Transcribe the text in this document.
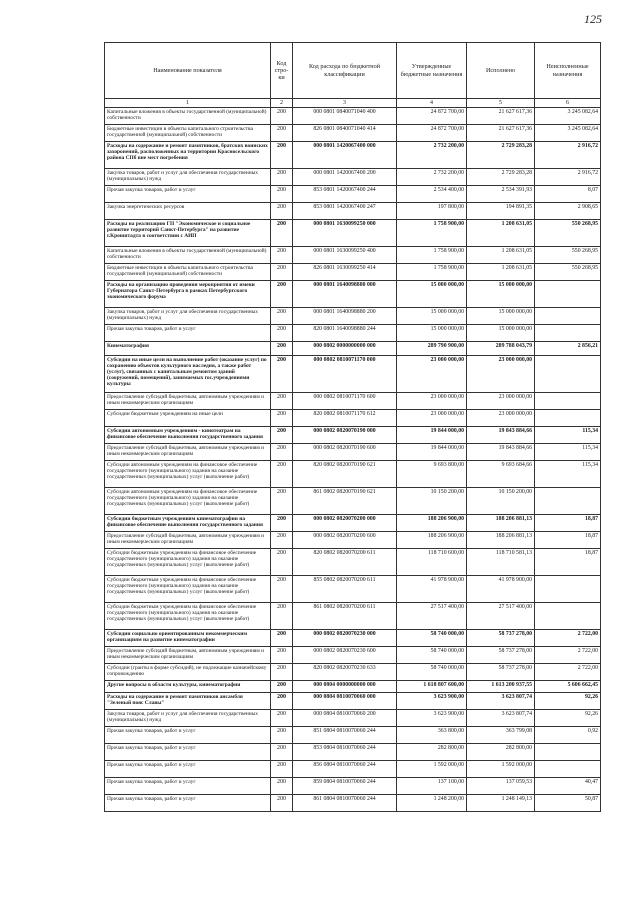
125
Наименование показателя	Код стро-ки	Код расхода по бюджетной классификации	Утвержденные бюджетные назначения	Исполнено	Неисполненные назначения
1	2	3	4	5	6
Капитальные вложения в объекты государственной (муниципальной) собственности	200	000 0801 0840071040 400	24 872 700,00	21 627 617,36	3 245 082,64
Бюджетные инвестиции в объекты капитального строительства государственной (муниципальной) собственности	200	826 0801 0840071040 414	24 872 700,00	21 627 617,36	3 245 082,64
Расходы на содержание и ремонт памятников, братских воинских захоронений, расположенных на территории Красносельского района СПб вне мест погребения	200	000 0801 1420067400 000	2 732 200,00	2 729 283,28	2 916,72
Закупка товаров, работ и услуг для обеспечения государственных (муниципальных) нужд	200	000 0801 1420067400 200	2 732 200,00	2 729 283,28	2 916,72
Прочая закупка товаров, работ и услуг	200	853 0801 1420067400 244	2 534 400,00	2 534 391,93	8,07
Закупка энергетических ресурсов	200	853 0801 1420067400 247	197 800,00	194 891,35	2 908,65
Расходы на реализацию ГП "Экономическое и социальное развитие территорий Санкт-Петербурга" на развитие г.Кронштадта в соответствии с АИП	200	000 0801 1630099250 000	1 758 900,00	1 208 631,05	550 268,95
Капитальные вложения в объекты государственной (муниципальной) собственности	200	000 0801 1630099250 400	1 758 900,00	1 208 631,05	550 268,95
Бюджетные инвестиции в объекты капитального строительства государственной (муниципальной) собственности	200	826 0801 1630099250 414	1 758 900,00	1 208 631,05	550 268,95
Расходы на организацию проведения мероприятия от имени Губернатора Санкт-Петербурга в рамках Петербургского экономического форума	200	000 0801 1640098880 000	15 000 000,00	15 000 000,00	
Закупка товаров, работ и услуг для обеспечения государственных (муниципальных) нужд	200	000 0801 1640098880 200	15 000 000,00	15 000 000,00	
Прочая закупка товаров, работ и услуг	200	820 0801 1640098880 244	15 000 000,00	15 000 000,00	
Кинематография	200	000 0802 0000000000 000	289 790 900,00	289 788 043,79	2 856,21
Субсидии на иные цели на выполнение работ (оказание услуг) по сохранению объектов культурного наследия, а также работ (услуг), связанных с капитальным ремонтом зданий (сооружений, помещений), занимаемых гос.учреждениями культуры	200	000 0802 0810071170 000	23 000 000,00	23 000 000,00	
Предоставление субсидий бюджетным, автономным учреждениям и иным некоммерческим организациям	200	000 0802 0810071170 600	23 000 000,00	23 000 000,00	
Субсидии бюджетным учреждениям на иные цели	200	820 0802 0810071170 612	23 000 000,00	23 000 000,00	
Субсидии автономным учреждениям - кинотеатрам на финансовое обеспечение выполнения государственного задания	200	000 0802 0820070190 000	19 844 000,00	19 843 884,66	115,34
Предоставление субсидий бюджетным, автономным учреждениям и иным некоммерческим организациям	200	000 0802 0820070190 600	19 844 000,00	19 843 884,66	115,34
Субсидии автономным учреждениям на финансовое обеспечение государственного (муниципального) задания на оказание государственных (муниципальных) услуг (выполнение работ)	200	820 0802 0820070190 621	9 693 800,00	9 693 684,66	115,34
Субсидии автономным учреждениям на финансовое обеспечение государственного (муниципального) задания на оказание государственных (муниципальных) услуг (выполнение работ)	200	861 0802 0820070190 621	10 150 200,00	10 150 200,00	
Субсидии бюджетным учреждениям кинематографии на финансовое обеспечение выполнения государственного задания	200	000 0802 0820070200 000	188 206 900,00	188 206 881,13	18,87
Предоставление субсидий бюджетным, автономным учреждениям и иным некоммерческим организациям	200	000 0802 0820070200 600	188 206 900,00	188 206 881,13	18,87
Субсидии бюджетным учреждениям на финансовое обеспечение государственного (муниципального) задания на оказание государственных (муниципальных) услуг (выполнение работ)	200	820 0802 0820070200 611	118 710 600,00	118 710 581,13	18,87
Субсидии бюджетным учреждениям на финансовое обеспечение государственного (муниципального) задания на оказание государственных (муниципальных) услуг (выполнение работ)	200	855 0802 0820070200 611	41 978 900,00	41 978 900,00	
Субсидии бюджетным учреждениям на финансовое обеспечение государственного (муниципального) задания на оказание государственных (муниципальных) услуг (выполнение работ)	200	861 0802 0820070200 611	27 517 400,00	27 517 400,00	
Субсидии социально ориентированным некоммерческим организациям на развитие кинематографии	200	000 0802 0820070230 000	58 740 000,00	58 737 278,00	2 722,00
Предоставление субсидий бюджетным, автономным учреждениям и иным некоммерческим организациям	200	000 0802 0820070230 600	58 740 000,00	58 737 278,00	2 722,00
Субсидии (гранты в форме субсидий), не подлежащие казначейскому сопровождению	200	820 0802 0820070230 633	58 740 000,00	58 737 278,00	2 722,00
Другие вопросы в области культуры, кинематографии	200	000 0804 0000000000 000	1 618 807 600,00	1 613 200 937,55	5 606 662,45
Расходы на содержание и ремонт памятников ансамбля "Зеленый пояс Славы"	200	000 0804 0810070060 000	3 623 900,00	3 623 807,74	92,26
Закупка товаров, работ и услуг для обеспечения государственных (муниципальных) нужд	200	000 0804 0810070060 200	3 623 900,00	3 623 807,74	92,26
Прочая закупка товаров, работ и услуг	200	851 0804 0810070060 244	363 800,00	363 799,08	0,92
Прочая закупка товаров, работ и услуг	200	853 0804 0810070060 244	282 800,00	282 800,00	
Прочая закупка товаров, работ и услуг	200	856 0804 0810070060 244	1 592 000,00	1 592 000,00	
Прочая закупка товаров, работ и услуг	200	859 0804 0810070060 244	137 100,00	137 059,53	40,47
Прочая закупка товаров, работ и услуг	200	861 0804 0810070060 244	1 248 200,00	1 248 149,13	50,87
